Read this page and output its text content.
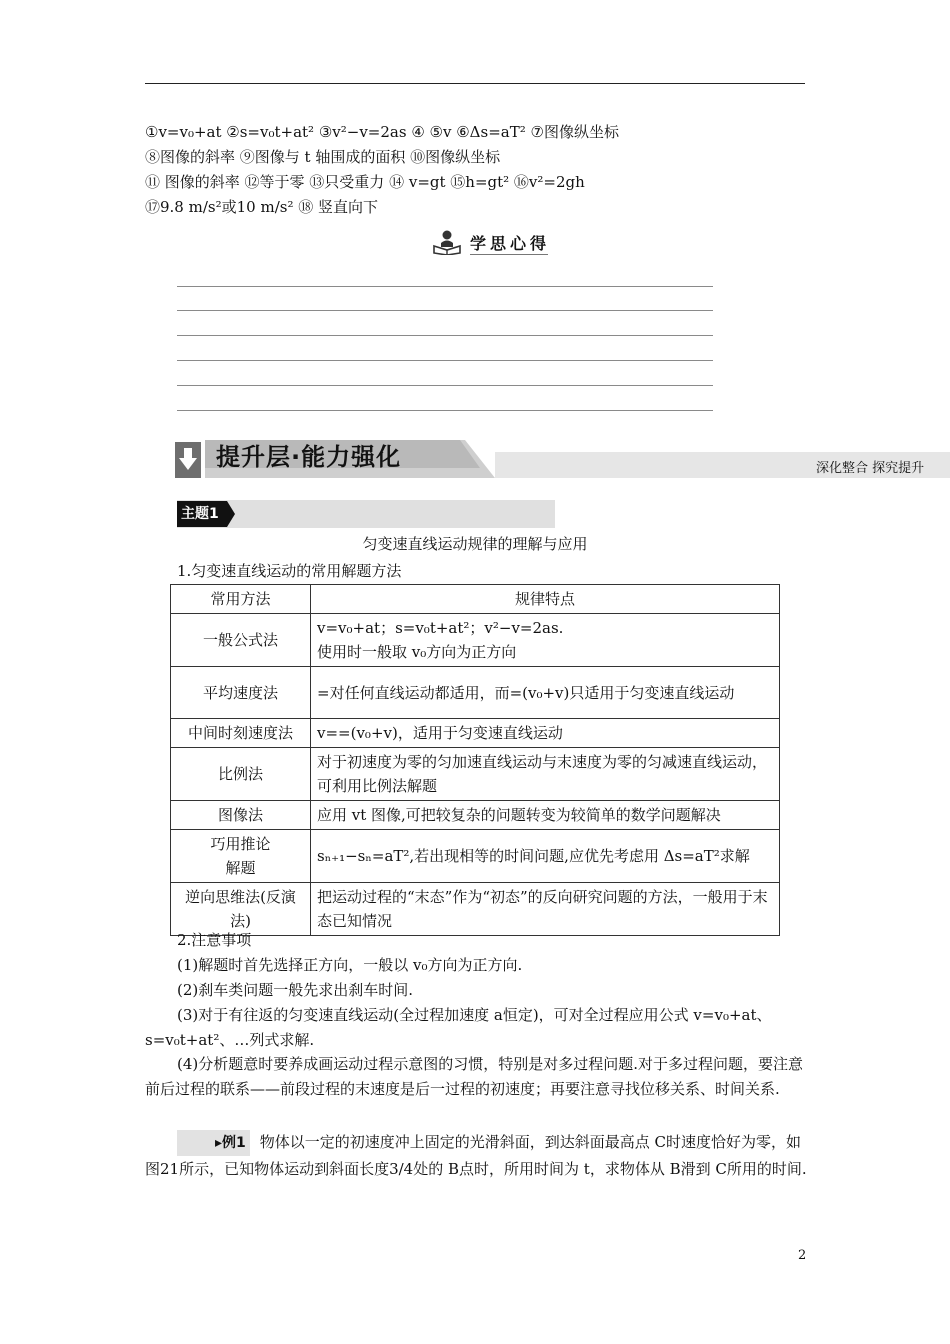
①v=v₀+at ②s=v₀t+at² ③v²−v=2as ④ ⑤v ⑥Δs=aT² ⑦图像纵坐标
⑧图像的斜率 ⑨图像与 t 轴围成的面积 ⑩图像纵坐标
⑪ 图像的斜率 ⑫等于零 ⑬只受重力 ⑭ v=gt ⑮h=gt² ⑯v²=2gh
⑰9.8 m/s²或10 m/s² ⑱ 竖直向下
学思心得
提升层·能力强化	深化整合 探究提升
主题1
匀变速直线运动规律的理解与应用
1.匀变速直线运动的常用解题方法
常用方法	规律特点
一般公式法	v=v₀+at；s=v₀t+at²；v²−v=2as.
使用时一般取 v₀方向为正方向
平均速度法	=对任何直线运动都适用，而=(v₀+v)只适用于匀变速直线运动
中间时刻速度法	v==(v₀+v)，适用于匀变速直线运动
比例法	对于初速度为零的匀加速直线运动与末速度为零的匀减速直线运动，可利用比例法解题
图像法	应用 vt 图像,可把较复杂的问题转变为较简单的数学问题解决
巧用推论
解题	sₙ₊₁−sₙ=aT²,若出现相等的时间问题,应优先考虑用 Δs=aT²求解
逆向思维法(反演法)	把运动过程的“末态”作为“初态”的反向研究问题的方法，一般用于末态已知情况
2.注意事项
(1)解题时首先选择正方向，一般以 v₀方向为正方向.
(2)刹车类问题一般先求出刹车时间.
(3)对于有往返的匀变速直线运动(全过程加速度 a恒定)，可对全过程应用公式 v=v₀+at、s=v₀t+at²、…列式求解.
(4)分析题意时要养成画运动过程示意图的习惯，特别是对多过程问题.对于多过程问题，要注意前后过程的联系——前段过程的末速度是后一过程的初速度；再要注意寻找位移关系、时间关系.
▸例1 物体以一定的初速度冲上固定的光滑斜面，到达斜面最高点 C时速度恰好为零，如图21所示，已知物体运动到斜面长度3/4处的 B点时，所用时间为 t，求物体从 B滑到 C所用的时间.
2
